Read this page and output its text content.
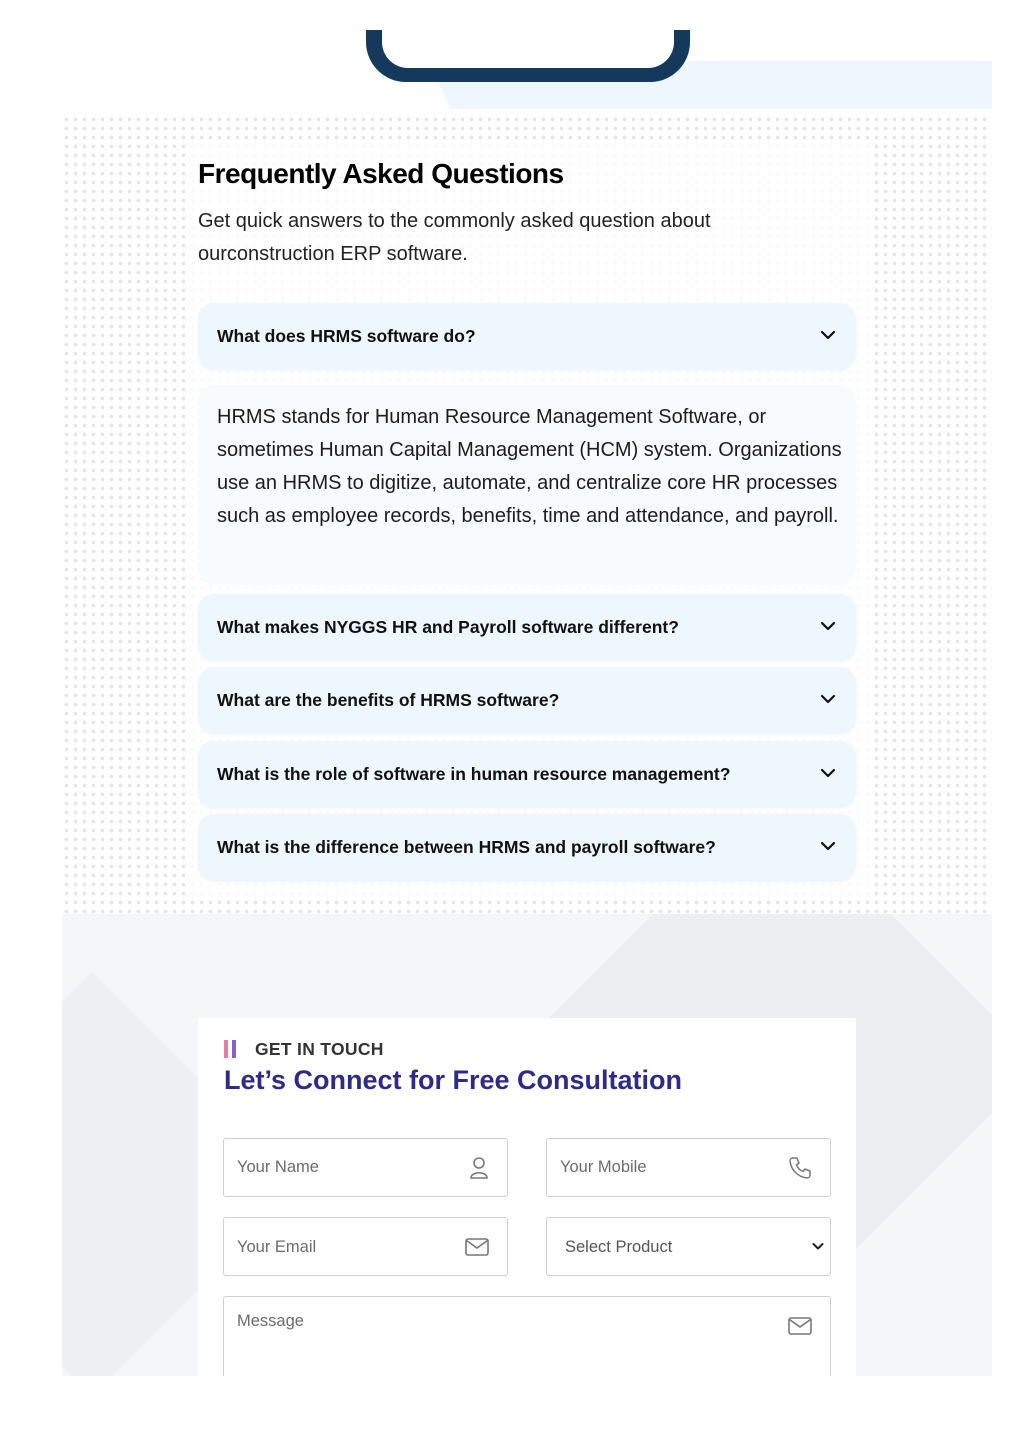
Frequently Asked Questions

Get quick answers to the commonly asked question about ourconstruction ERP software.

What does HRMS software do?

HRMS stands for Human Resource Management Software, or sometimes Human Capital Management (HCM) system. Organizations use an HRMS to digitize, automate, and centralize core HR processes such as employee records, benefits, time and attendance, and payroll.

What makes NYGGS HR and Payroll software different?
What are the benefits of HRMS software?
What is the role of software in human resource management?
What is the difference between HRMS and payroll software?
GET IN TOUCH
Let’s Connect for Free Consultation
Your Name	Your Mobile
Your Email	Select Product
Message
